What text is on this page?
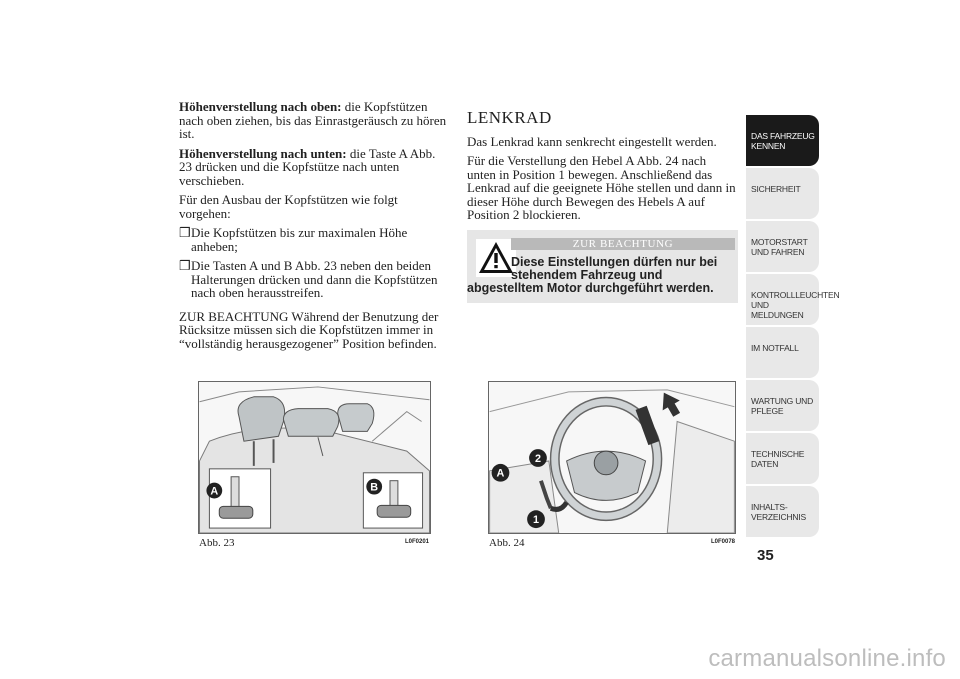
Höhenverstellung nach oben: die Kopfstützen nach oben ziehen, bis das Einrastgeräusch zu hören ist.

Höhenverstellung nach unten: die Taste A Abb. 23 drücken und die Kopfstütze nach unten verschieben.

Für den Ausbau der Kopfstützen wie folgt vorgehen:

❒ Die Kopfstützen bis zur maximalen Höhe anheben;
❒ Die Tasten A und B Abb. 23 neben den beiden Halterungen drücken und dann die Kopfstützen nach oben herausstreifen.

ZUR BEACHTUNG Während der Benutzung der Rücksitze müssen sich die Kopfstützen immer in “vollständig herausgezogener” Position befinden.

LENKRAD

Das Lenkrad kann senkrecht eingestellt werden.

Für die Verstellung den Hebel A Abb. 24 nach unten in Position 1 bewegen. Anschließend das Lenkrad auf die geeignete Höhe stellen und dann in dieser Höhe durch Bewegen des Hebels A auf Position 2 blockieren.

ZUR BEACHTUNG
Diese Einstellungen dürfen nur bei
stehendem Fahrzeug und
abgestelltem Motor durchgeführt werden.
A	B
Abb. 23	L0F0201
2
A
1
Abb. 24	L0F0078
DAS FAHRZEUG KENNEN
SICHERHEIT
MOTORSTART UND FAHREN
KONTROLLLEUCHTEN UND MELDUNGEN
IM NOTFALL
WARTUNG UND PFLEGE
TECHNISCHE DATEN
INHALTS- VERZEICHNIS
35
carmanualsonline.info
